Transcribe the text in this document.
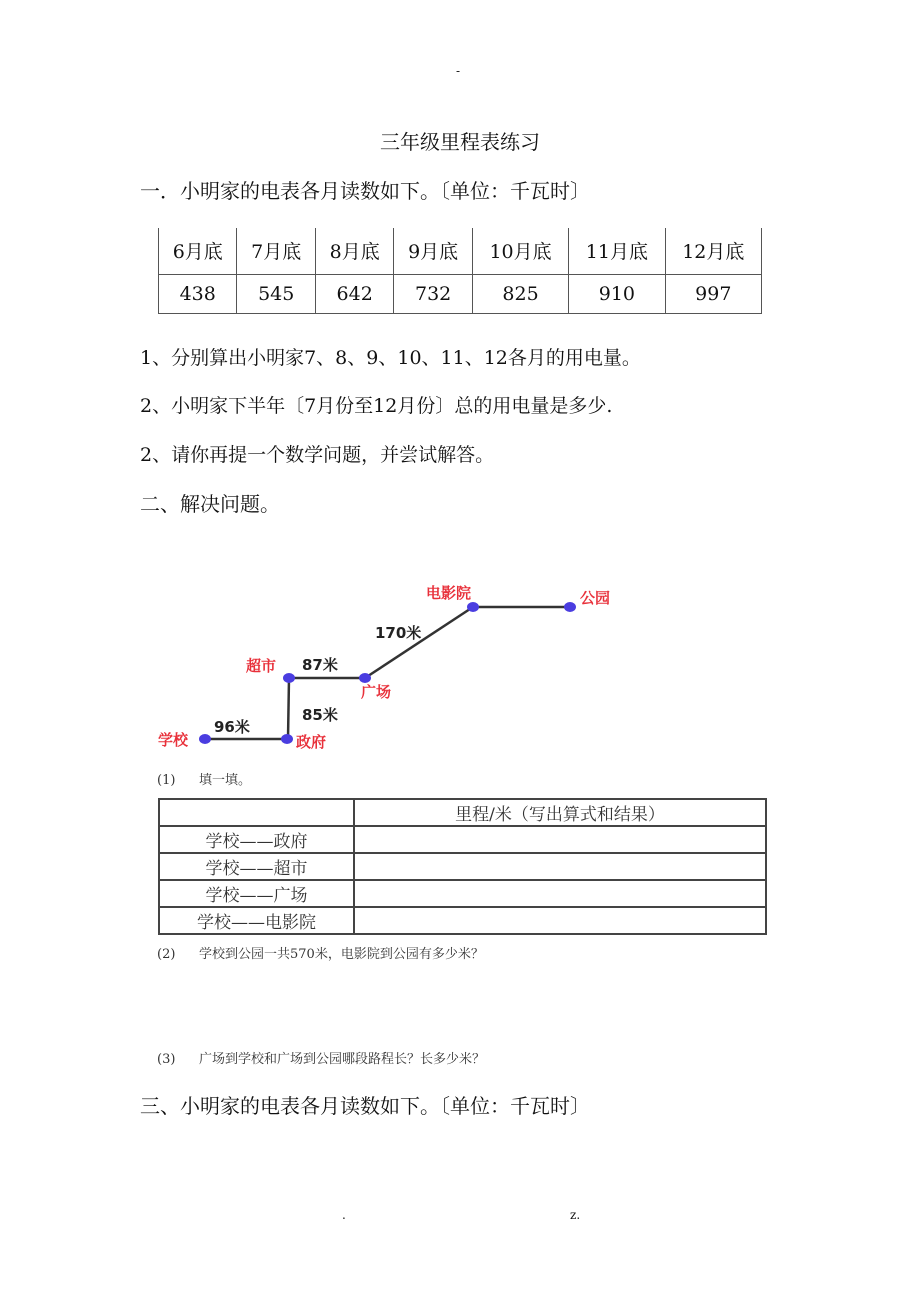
-
三年级里程表练习
一．小明家的电表各月读数如下。〔单位：千瓦时〕
6月底	7月底	8月底	9月底	10月底	11月底	12月底
438	545	642	732	825	910	997
1、分别算出小明家7、8、9、10、11、12各月的用电量。
2、小明家下半年〔7月份至12月份〕总的用电量是多少.
2、请你再提一个数学问题，并尝试解答。
二、解决问题。
学校	政府
超市
广场
电影院	公园
96米
85米
87米
170米
(1) 填一填。
	里程/米（写出算式和结果）
学校——政府	
学校——超市	
学校——广场	
学校——电影院	
(2) 学校到公园一共570米，电影院到公园有多少米？
(3) 广场到学校和广场到公园哪段路程长？长多少米？
三、小明家的电表各月读数如下。〔单位：千瓦时〕
.	z.
